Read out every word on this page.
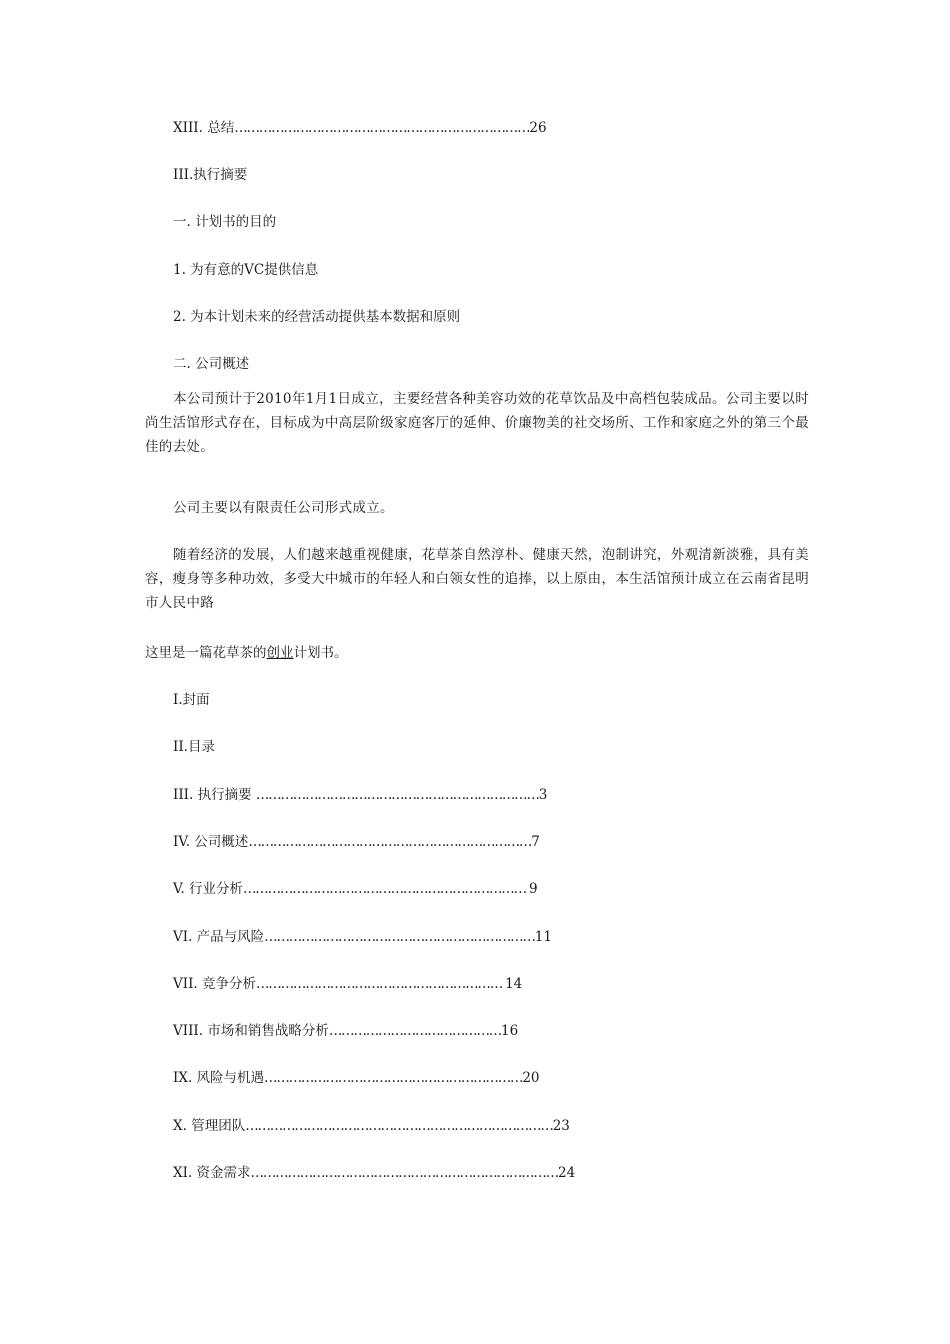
XIII. 总结………………………………………………………………26
III.执行摘要
一. 计划书的目的
1. 为有意的VC提供信息
2. 为本计划未来的经营活动提供基本数据和原则
二. 公司概述

本公司预计于2010年1月1日成立，主要经营各种美容功效的花草饮品及中高档包装成品。公司主要以时尚生活馆形式存在，目标成为中高层阶级家庭客厅的延伸、价廉物美的社交场所、工作和家庭之外的第三个最佳的去处。

公司主要以有限责任公司形式成立。

随着经济的发展，人们越来越重视健康，花草茶自然淳朴、健康天然，泡制讲究，外观清新淡雅，具有美容，瘦身等多种功效，多受大中城市的年轻人和白领女性的追捧，以上原由，本生活馆预计成立在云南省昆明市人民中路

这里是一篇花草茶的创业计划书。
I.封面
II.目录
III. 执行摘要 ……………………………………………………………3
IV. 公司概述……………………………………………………………7
V. 行业分析…………………………………………………………… 9
VI. 产品与风险…………………………………………………………11
VII. 竞争分析…………………………………………………… 14
VIII. 市场和销售战略分析……………………………………16
IX. 风险与机遇………………………………………………………20
X. 管理团队…………………………………………………………………23
XI. 资金需求…………………………………………………………………24
